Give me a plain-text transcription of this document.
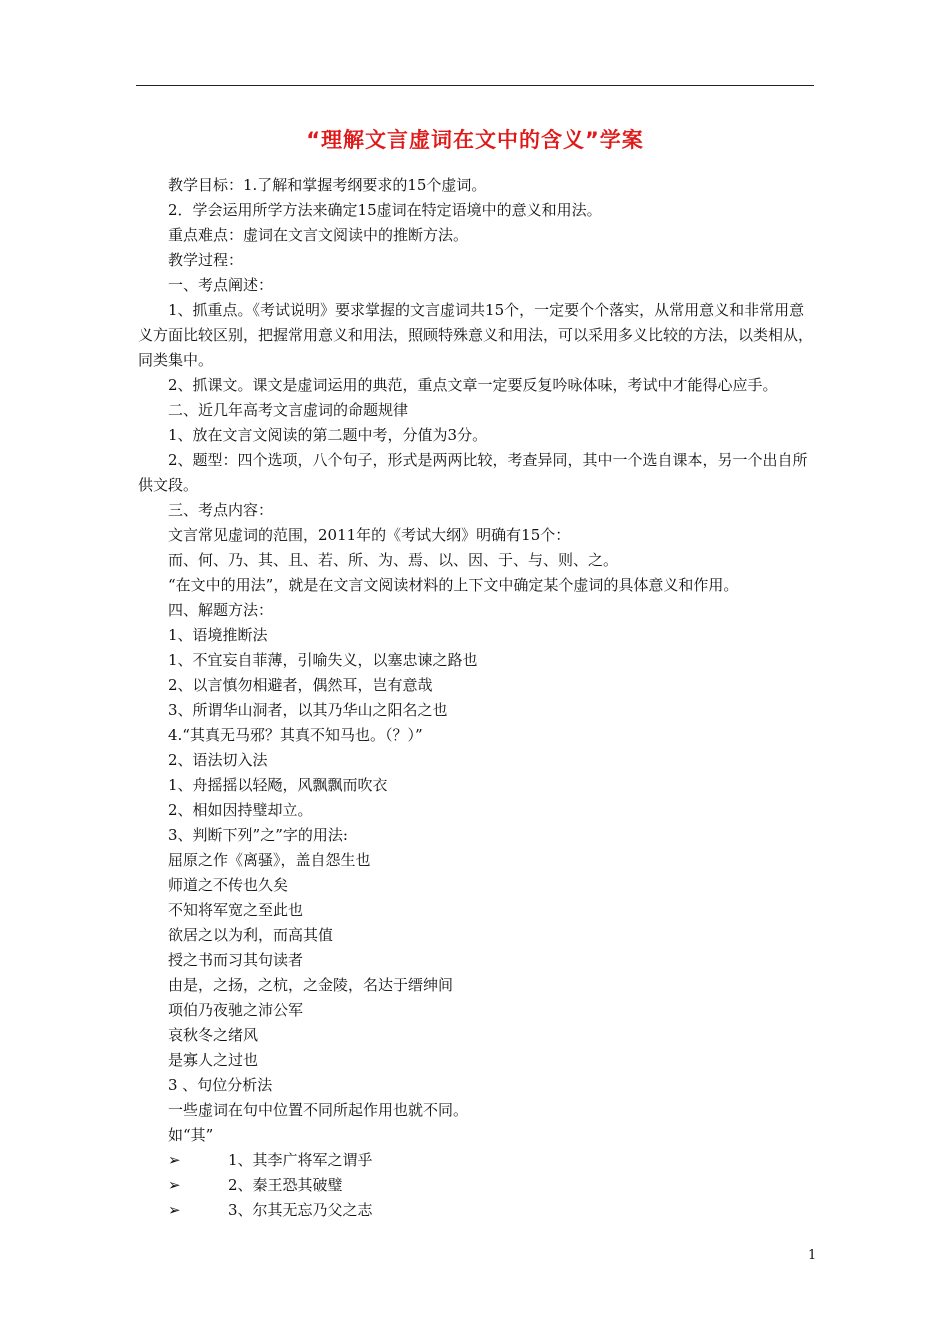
“理解文言虚词在文中的含义”学案

教学目标：1.了解和掌握考纲要求的15个虚词。

2．学会运用所学方法来确定15虚词在特定语境中的意义和用法。

重点难点：虚词在文言文阅读中的推断方法。

教学过程：

一、考点阐述：

1、抓重点。《考试说明》要求掌握的文言虚词共15个，一定要个个落实，从常用意义和非常用意义方面比较区别，把握常用意义和用法，照顾特殊意义和用法，可以采用多义比较的方法，以类相从，同类集中。

2、抓课文。课文是虚词运用的典范，重点文章一定要反复吟咏体味，考试中才能得心应手。

二、近几年高考文言虚词的命题规律

1、放在文言文阅读的第二题中考，分值为3分。

2、题型：四个选项，八个句子，形式是两两比较，考查异同，其中一个选自课本，另一个出自所供文段。

三、考点内容：

文言常见虚词的范围，2011年的《考试大纲》明确有15个：

而、何、乃、其、且、若、所、为、焉、以、因、于、与、则、之。

“在文中的用法”，就是在文言文阅读材料的上下文中确定某个虚词的具体意义和作用。

四、解题方法：

1、语境推断法

1、不宜妄自菲薄，引喻失义，以塞忠谏之路也

2、以言慎勿相避者，偶然耳，岂有意哉

3、所谓华山洞者，以其乃华山之阳名之也

4.“其真无马邪？其真不知马也。（？）”

2、语法切入法

1、舟摇摇以轻飏，风飘飘而吹衣

2、相如因持璧却立。

3、判断下列”之”字的用法:

屈原之作《离骚》，盖自怨生也

师道之不传也久矣

不知将军宽之至此也

欲居之以为利，而高其值

授之书而习其句读者

由是，之扬，之杭，之金陵，名达于缙绅间

项伯乃夜驰之沛公军

哀秋冬之绪风

是寡人之过也

3 、句位分析法

一些虚词在句中位置不同所起作用也就不同。

如“其”

➢	1、其李广将军之谓乎
➢	2、秦王恐其破璧
➢	3、尔其无忘乃父之志
1
